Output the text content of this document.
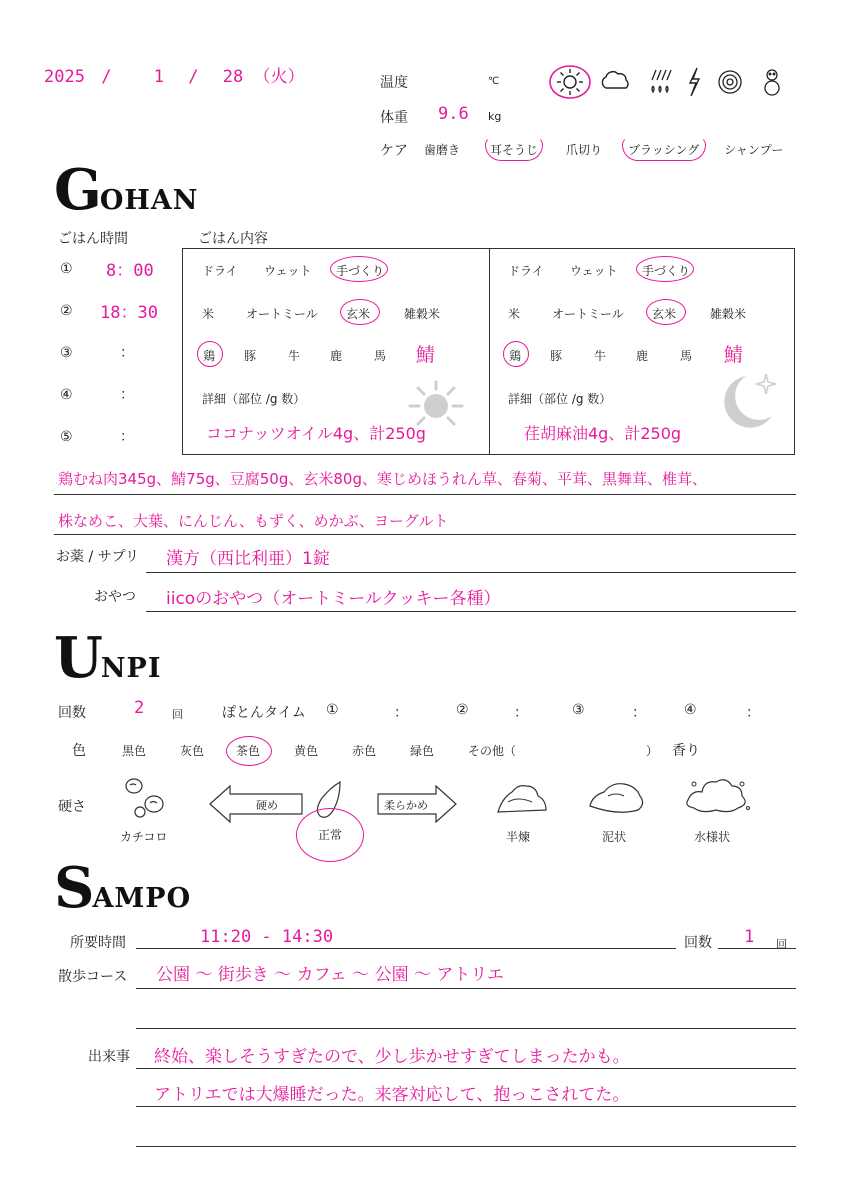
2025 / 1 / 28 （火）	温度	℃
体重 9.6 kg
ケア 歯磨き 耳そうじ 爪切り ブラッシング シャンプー
GOHAN
ごはん時間	ごはん内容
① 8：00
② 18：30
③	：
④	：
⑤	：
ドライ ウェット 手づくり
米	オートミール 玄米	雑穀米
鶏 豚	牛 鹿	馬 鯖
詳細（部位 /g 数）
ココナッツオイル4g、計250g
ドライ ウェット 手づくり
米	オートミール 玄米	雑穀米
鶏 豚	牛 鹿	馬 鯖
詳細（部位 /g 数）
荏胡麻油4g、計250g
鶏むね肉345g、鯖75g、豆腐50g、玄米80g、寒じめほうれん草、春菊、平茸、黒舞茸、椎茸、
株なめこ、大葉、にんじん、もずく、めかぶ、ヨーグルト
お薬 / サプリ 漢方（西比利亜）1錠
おやつ iicoのおやつ（オートミールクッキー各種）
UNPI
回数	2	回	ぽとんタイム ①	：	②	：	③	：	④	：
色	黒色	灰色	茶色	黄色	赤色	緑色	その他（	） 香り
硬さ
カチコロ
硬め
正常
柔らかめ
半煉	泥状	水様状
SAMPO
所要時間	11:20 - 14:30	回数 1 回
散歩コース 公園 〜 街歩き 〜 カフェ 〜 公園 〜 アトリエ
出来事 終始、楽しそうすぎたので、少し歩かせすぎてしまったかも。
アトリエでは大爆睡だった。来客対応して、抱っこされてた。
